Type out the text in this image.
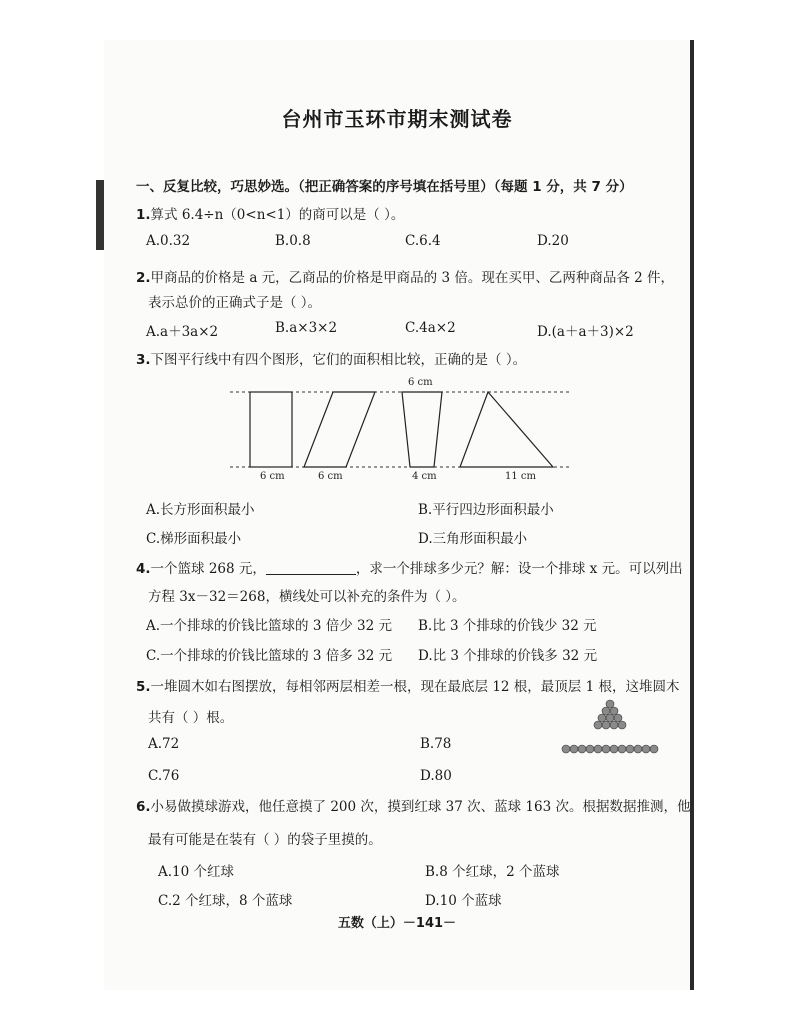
台州市玉环市期末测试卷
一、反复比较，巧思妙选。（把正确答案的序号填在括号里）（每题 1 分，共 7 分）
1.算式 6.4÷n（0<n<1）的商可以是（ ）。
A.0.32	B.0.8	C.6.4	D.20
2.甲商品的价格是 a 元，乙商品的价格是甲商品的 3 倍。现在买甲、乙两种商品各 2 件，
表示总价的正确式子是（ ）。
A.a＋3a×2	B.a×3×2	C.4a×2	D.(a＋a＋3)×2
3.下图平行线中有四个图形，它们的面积相比较，正确的是（ ）。
6 cm
6 cm	6 cm	4 cm	11 cm
A.长方形面积最小	B.平行四边形面积最小
C.梯形面积最小	D.三角形面积最小
4.一个篮球 268 元，	，求一个排球多少元？解：设一个排球 x 元。可以列出
方程 3x－32＝268，横线处可以补充的条件为（ ）。
A.一个排球的价钱比篮球的 3 倍少 32 元 B.比 3 个排球的价钱少 32 元
C.一个排球的价钱比篮球的 3 倍多 32 元 D.比 3 个排球的价钱多 32 元
5.一堆圆木如右图摆放，每相邻两层相差一根，现在最底层 12 根，最顶层 1 根，这堆圆木
共有（ ）根。
A.72	B.78
C.76	D.80
6.小易做摸球游戏，他任意摸了 200 次，摸到红球 37 次、蓝球 163 次。根据数据推测，他
最有可能是在装有（ ）的袋子里摸的。
A.10 个红球	B.8 个红球，2 个蓝球
C.2 个红球，8 个蓝球	D.10 个蓝球
五数（上）－141－
